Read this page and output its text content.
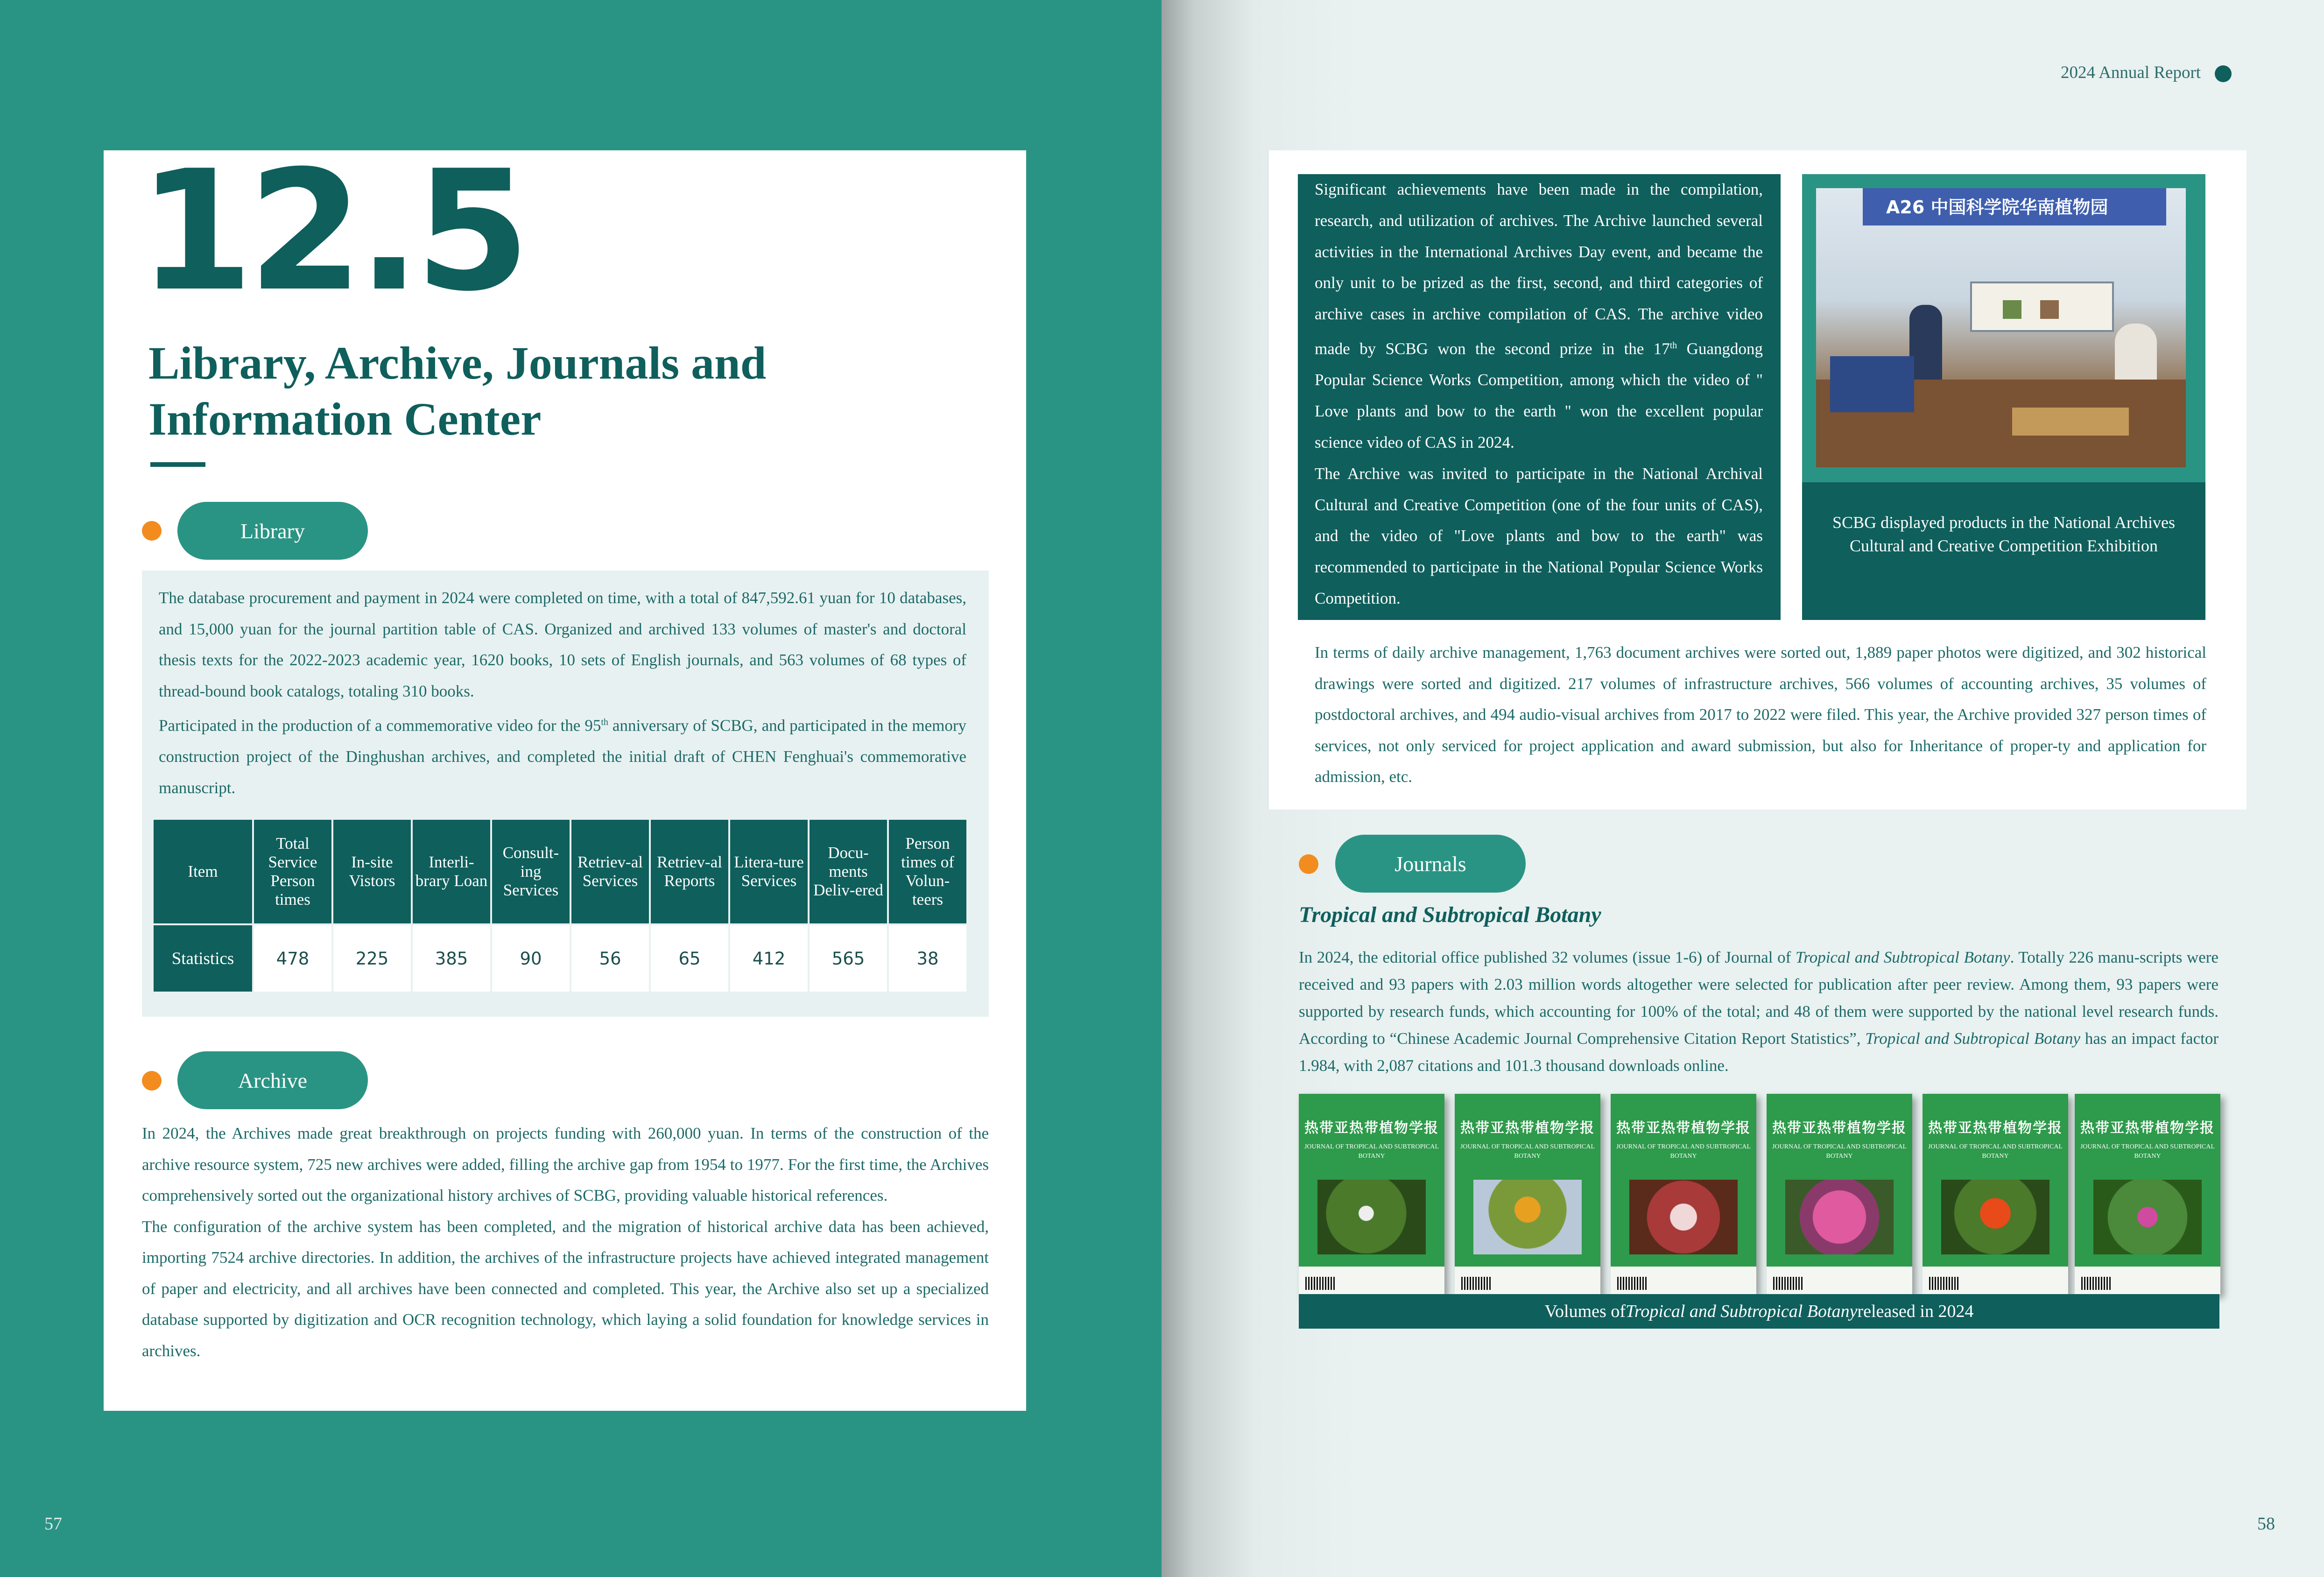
12.5
Library, Archive, Journals and Information Center
Library

The database procurement and payment in 2024 were completed on time, with a total of 847,592.61 yuan for 10 databases, and 15,000 yuan for the journal partition table of CAS. Organized and archived 133 volumes of master's and doctoral thesis texts for the 2022-2023 academic year, 1620 books, 10 sets of English journals, and 563 volumes of 68 types of thread-bound book catalogs, totaling 310 books.

Participated in the production of a commemorative video for the 95th anniversary of SCBG, and participated in the memory construction project of the Dinghushan archives, and completed the initial draft of CHEN Fenghuai's commemorative manuscript.

Item	Total Service Person times	In-site Vistors	Interli-brary Loan	Consult-ing Services	Retriev-al Services	Retriev-al Reports	Litera-ture Services	Docu-ments Deliv-ered	Person times of Volun-teers
Statistics	478	225	385	90	56	65	412	565	38
Archive

In 2024, the Archives made great breakthrough on projects funding with 260,000 yuan. In terms of the construction of the archive resource system, 725 new archives were added, filling the archive gap from 1954 to 1977. For the first time, the Archives comprehensively sorted out the organizational history archives of SCBG, providing valuable historical references.

The configuration of the archive system has been completed, and the migration of historical archive data has been achieved, importing 7524 archive directories. In addition, the archives of the infrastructure projects have achieved integrated management of paper and electricity, and all archives have been connected and completed. This year, the Archive also set up a specialized database supported by digitization and OCR recognition technology, which laying a solid foundation for knowledge services in archives.

57
2024 Annual Report

Significant achievements have been made in the compilation, research, and utilization of archives. The Archive launched several activities in the International Archives Day event, and became the only unit to be prized as the first, second, and third categories of archive cases in archive compilation of CAS. The archive video made by SCBG won the second prize in the 17th Guangdong Popular Science Works Competition, among which the video of " Love plants and bow to the earth " won the excellent popular science video of CAS in 2024.

The Archive was invited to participate in the National Archival Cultural and Creative Competition (one of the four units of CAS), and the video of "Love plants and bow to the earth" was recommended to participate in the National Popular Science Works Competition.

A26 中国科学院华南植物园

SCBG displayed products in the National Archives Cultural and Creative Competition Exhibition

In terms of daily archive management, 1,763 document archives were sorted out, 1,889 paper photos were digitized, and 302 historical drawings were sorted and digitized. 217 volumes of infrastructure archives, 566 volumes of accounting archives, 35 volumes of postdoctoral archives, and 494 audio-visual archives from 2017 to 2022 were filed. This year, the Archive provided 327 person times of services, not only serviced for project application and award submission, but also for Inheritance of proper-ty and application for admission, etc.

Journals
Tropical and Subtropical Botany

In 2024, the editorial office published 32 volumes (issue 1-6) of Journal of Tropical and Subtropical Botany. Totally 226 manu-scripts were received and 93 papers with 2.03 million words altogether were selected for publication after peer review. Among them, 93 papers were supported by research funds, which accounting for 100% of the total; and 48 of them were supported by the national level research funds. According to “Chinese Academic Journal Comprehensive Citation Report Statistics”, Tropical and Subtropical Botany has an impact factor 1.984, with 2,087 citations and 101.3 thousand downloads online.

热带亚热带植物学报
JOURNAL OF TROPICAL AND SUBTROPICAL BOTANY
热带亚热带植物学报
JOURNAL OF TROPICAL AND SUBTROPICAL BOTANY
热带亚热带植物学报
JOURNAL OF TROPICAL AND SUBTROPICAL BOTANY
热带亚热带植物学报
JOURNAL OF TROPICAL AND SUBTROPICAL BOTANY
热带亚热带植物学报
JOURNAL OF TROPICAL AND SUBTROPICAL BOTANY
热带亚热带植物学报
JOURNAL OF TROPICAL AND SUBTROPICAL BOTANY
Volumes of Tropical and Subtropical Botany released in 2024
58
